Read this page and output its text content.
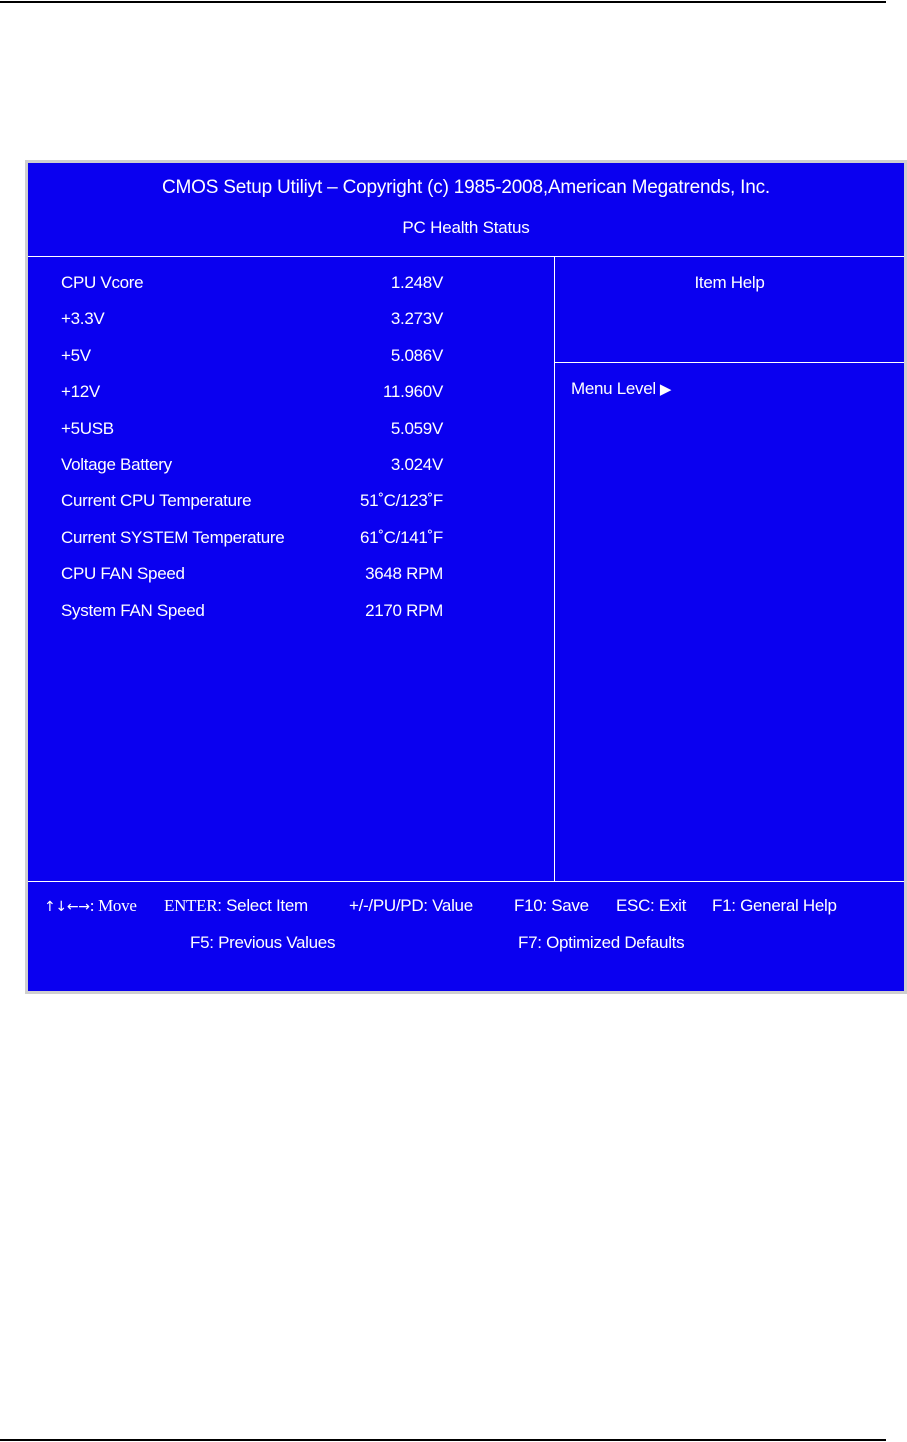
CMOS Setup Utiliyt – Copyright (c) 1985-2008,American Megatrends, Inc.
PC Health Status
CPU Vcore	1.248V
+3.3V	3.273V
+5V	5.086V
+12V	11.960V
+5USB	5.059V
Voltage Battery	3.024V
Current CPU Temperature	51˚C/123˚F
Current SYSTEM Temperature	61˚C/141˚F
CPU FAN Speed	3648 RPM
System FAN Speed	2170 RPM
Item Help
Menu Level ▶
↑↓←→: Move ENTER: Select Item +/-/PU/PD: Value F10: Save ESC: Exit F1: General Help
F5: Previous Values	F7: Optimized Defaults
